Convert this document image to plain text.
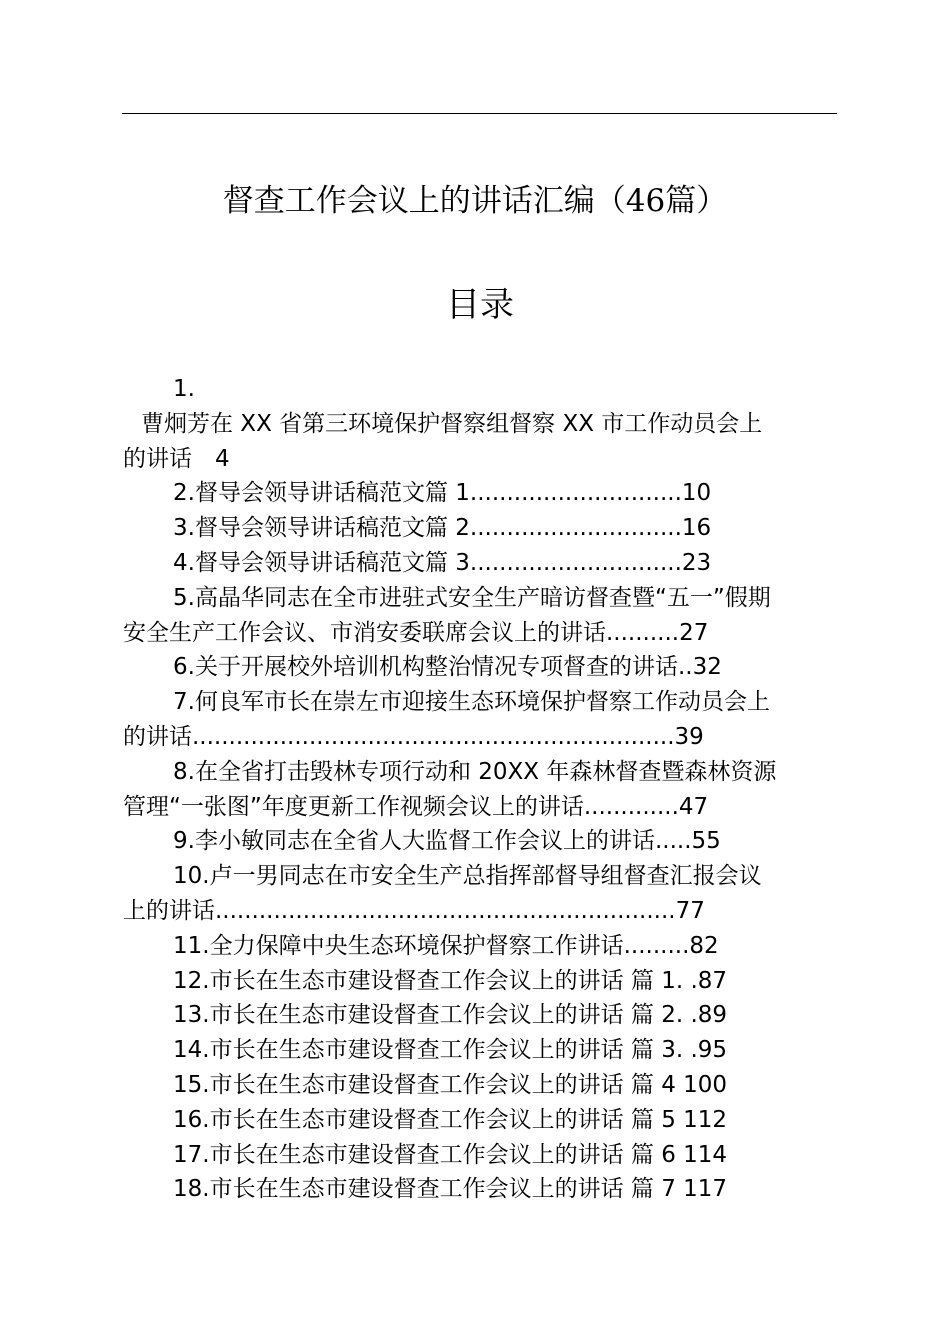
督查工作会议上的讲话汇编（46篇）
目录
1.
曹炯芳在 XX 省第三环境保护督察组督察 XX 市工作动员会上
的讲话　4
2.督导会领导讲话稿范文篇 1.............................10
3.督导会领导讲话稿范文篇 2.............................16
4.督导会领导讲话稿范文篇 3.............................23
5.高晶华同志在全市进驻式安全生产暗访督查暨“五一”假期
安全生产工作会议、市消安委联席会议上的讲话..........27
6.关于开展校外培训机构整治情况专项督查的讲话..32
7.何良军市长在崇左市迎接生态环境保护督察工作动员会上
的讲话..................................................................39
8.在全省打击毁林专项行动和 20XX 年森林督查暨森林资源
管理“一张图”年度更新工作视频会议上的讲话.............47
9.李小敏同志在全省人大监督工作会议上的讲话.....55
10.卢一男同志在市安全生产总指挥部督导组督查汇报会议
上的讲话...............................................................77
11.全力保障中央生态环境保护督察工作讲话.........82
12.市长在生态市建设督查工作会议上的讲话 篇 1. .87
13.市长在生态市建设督查工作会议上的讲话 篇 2. .89
14.市长在生态市建设督查工作会议上的讲话 篇 3. .95
15.市长在生态市建设督查工作会议上的讲话 篇 4 100
16.市长在生态市建设督查工作会议上的讲话 篇 5 112
17.市长在生态市建设督查工作会议上的讲话 篇 6 114
18.市长在生态市建设督查工作会议上的讲话 篇 7 117
